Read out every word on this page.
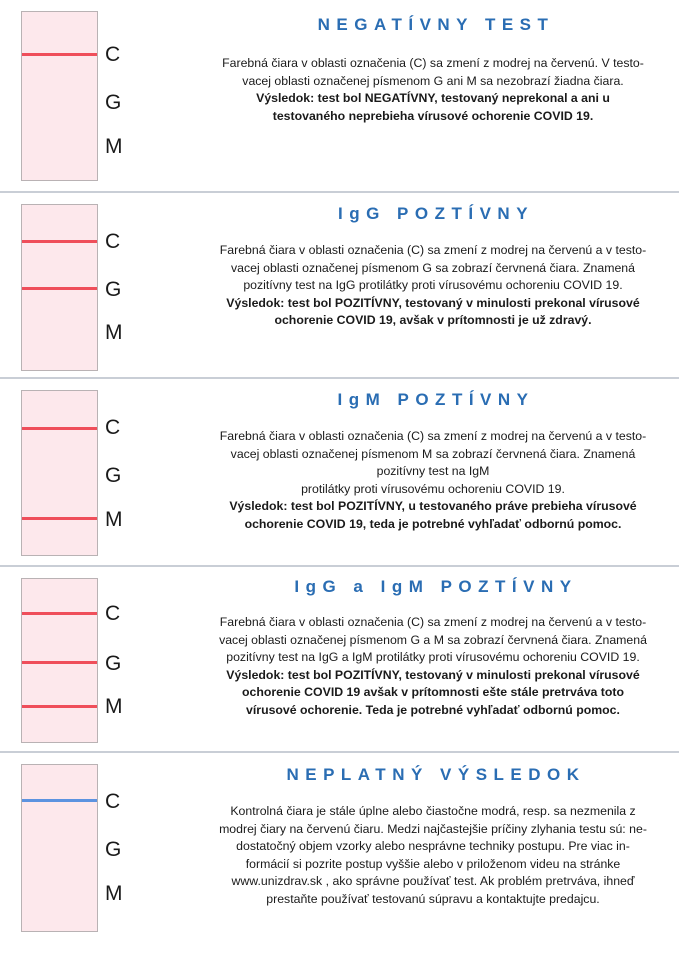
C
G
M
NEGATÍVNY TEST

Farebná čiara v oblasti označenia (C) sa zmení z modrej na červenú. V testo-

vacej oblasti označenej písmenom G ani M sa nezobrazí žiadna čiara.

Výsledok: test bol NEGATÍVNY, testovaný neprekonal a ani u

testovaného neprebieha vírusové ochorenie COVID 19.

C
G
M
IgG POZTÍVNY

Farebná čiara v oblasti označenia (C) sa zmení z modrej na červenú a v testo-

vacej oblasti označenej písmenom G sa zobrazí červnená čiara. Znamená

pozitívny test na IgG protilátky proti vírusovému ochoreniu COVID 19.

Výsledok: test bol POZITÍVNY, testovaný v minulosti prekonal vírusové

ochorenie COVID 19, avšak v prítomnosti je už zdravý.

C
G
M
IgM POZTÍVNY

Farebná čiara v oblasti označenia (C) sa zmení z modrej na červenú a v testo-

vacej oblasti označenej písmenom M sa zobrazí červnená čiara. Znamená

pozitívny test na IgM

protilátky proti vírusovému ochoreniu COVID 19.

Výsledok: test bol POZITÍVNY, u testovaného práve prebieha vírusové

ochorenie COVID 19, teda je potrebné vyhľadať odbornú pomoc.

C
G
M
IgG a IgM POZTÍVNY

Farebná čiara v oblasti označenia (C) sa zmení z modrej na červenú a v testo-

vacej oblasti označenej písmenom G a M sa zobrazí červnená čiara. Znamená

pozitívny test na IgG a IgM protilátky proti vírusovému ochoreniu COVID 19.

Výsledok: test bol POZITÍVNY, testovaný v minulosti prekonal vírusové

ochorenie COVID 19 avšak v prítomnosti ešte stále pretrváva toto

vírusové ochorenie. Teda je potrebné vyhľadať odbornú pomoc.

C
G
M
NEPLATNÝ VÝSLEDOK

Kontrolná čiara je stále úplne alebo čiastočne modrá, resp. sa nezmenila z

modrej čiary na červenú čiaru. Medzi najčastejšie príčiny zlyhania testu sú: ne-

dostatočný objem vzorky alebo nesprávne techniky postupu. Pre viac in-

formácií si pozrite postup vyššie alebo v priloženom videu na stránke

www.unizdrav.sk , ako správne používať test. Ak problém pretrváva, ihneď

prestaňte používať testovanú súpravu a kontaktujte predajcu.
